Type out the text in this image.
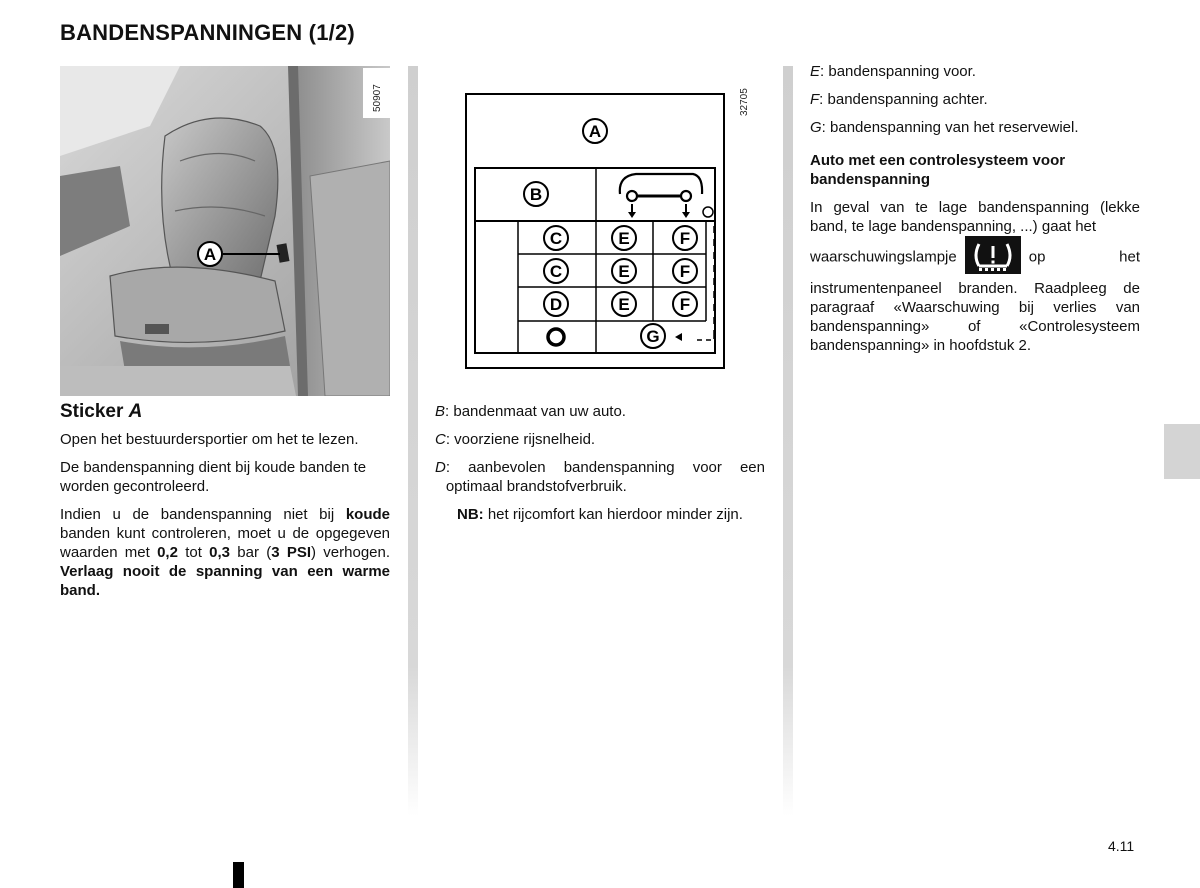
BANDENSPANNINGEN (1/2)
A
50907
Sticker A

Open het bestuurdersportier om het te lezen.

De bandenspanning dient bij koude banden te worden gecontroleerd.

Indien u de bandenspanning niet bij koude banden kunt controleren, moet u de opgegeven waarden met 0,2 tot 0,3 bar (3 PSI) verhogen. Verlaag nooit de spanning van een warme band.

A
B
C	E	F
C	E	F
D	E	F
G
32705
B : bandenmaat van uw auto.
C : voorziene rijsnelheid.
D : aanbevolen bandenspanning voor een optimaal brandstofverbruik.

NB: het rijcomfort kan hierdoor minder zijn.

E : bandenspanning voor.
F : bandenspanning achter.
G : bandenspanning van het reservewiel.

Auto met een controlesysteem voor bandenspanning

In geval van te lage bandenspanning (lekke band, te lage bandenspanning, ...) gaat het

waarschuwingslampje	op het instrumentenpaneel branden. Raadpleeg de paragraaf «Waarschuwing bij verlies van bandenspanning» of «Controlesysteem bandenspanning» in hoofdstuk 2.

4.11
